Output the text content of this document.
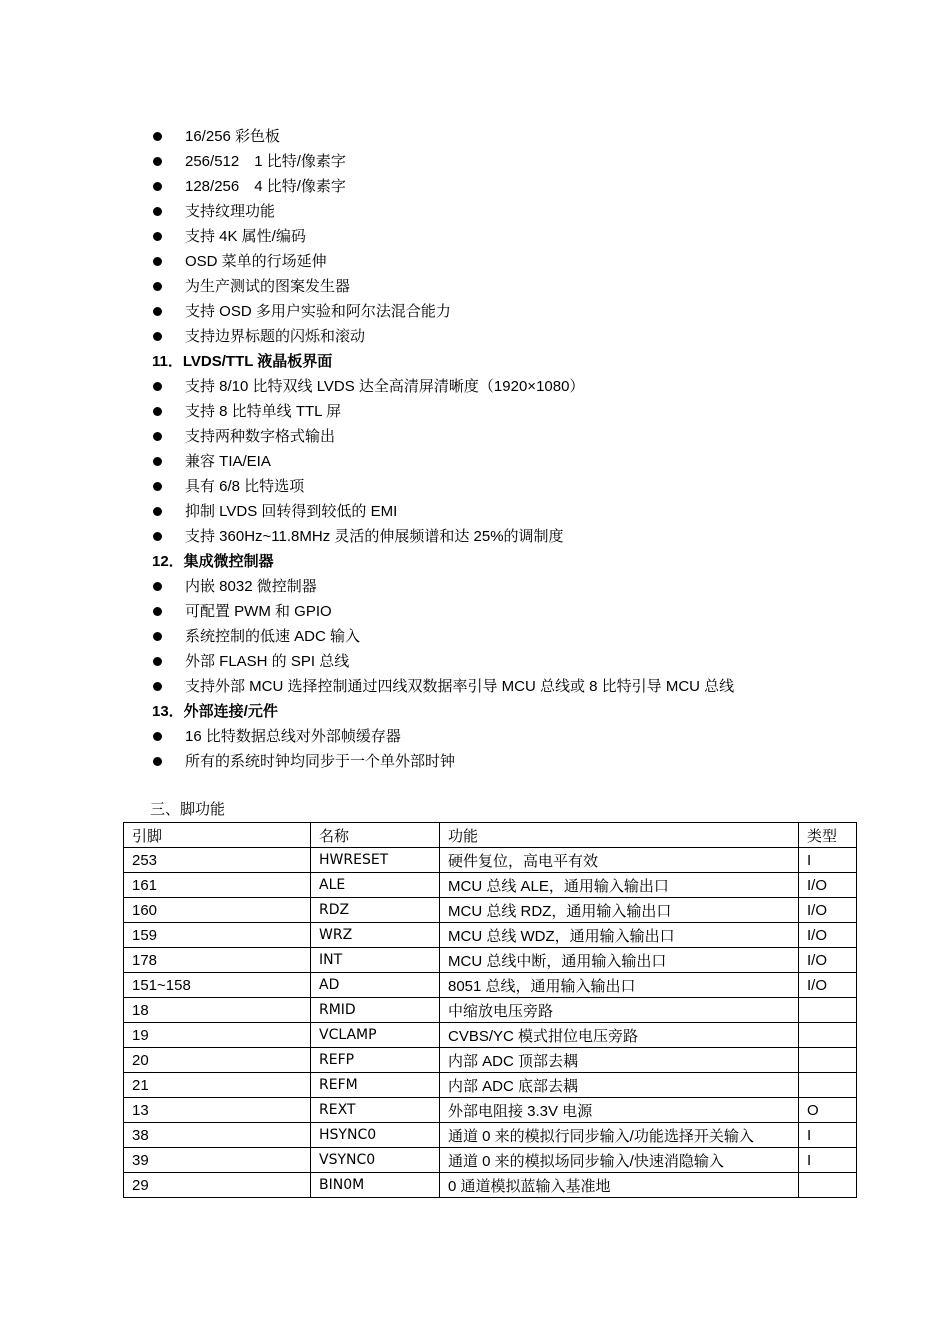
16/256 彩色板
256/512　1 比特/像素字
128/256　4 比特/像素字
支持纹理功能
支持 4K 属性/编码
OSD 菜单的行场延伸
为生产测试的图案发生器
支持 OSD 多用户实验和阿尔法混合能力
支持边界标题的闪烁和滚动
11．LVDS/TTL 液晶板界面
支持 8/10 比特双线 LVDS 达全高清屏清晰度（1920×1080）
支持 8 比特单线 TTL 屏
支持两种数字格式输出
兼容 TIA/EIA
具有 6/8 比特选项
抑制 LVDS 回转得到较低的 EMI
支持 360Hz~11.8MHz 灵活的伸展频谱和达 25%的调制度
12．集成微控制器
内嵌 8032 微控制器
可配置 PWM 和 GPIO
系统控制的低速 ADC 输入
外部 FLASH 的 SPI 总线
支持外部 MCU 选择控制通过四线双数据率引导 MCU 总线或 8 比特引导 MCU 总线
13．外部连接/元件
16 比特数据总线对外部帧缓存器
所有的系统时钟均同步于一个单外部时钟
三、脚功能
引脚	名称	功能	类型
253	HWRESET	硬件复位，高电平有效	I
161	ALE	MCU 总线 ALE，通用输入输出口	I/O
160	RDZ	MCU 总线 RDZ，通用输入输出口	I/O
159	WRZ	MCU 总线 WDZ，通用输入输出口	I/O
178	INT	MCU 总线中断，通用输入输出口	I/O
151~158	AD	8051 总线，通用输入输出口	I/O
18	RMID	中缩放电压旁路	
19	VCLAMP	CVBS/YC 模式拑位电压旁路	
20	REFP	内部 ADC 顶部去耦	
21	REFM	内部 ADC 底部去耦	
13	REXT	外部电阻接 3.3V 电源	O
38	HSYNC0	通道 0 来的模拟行同步输入/功能选择开关输入	I
39	VSYNC0	通道 0 来的模拟场同步输入/快速消隐输入	I
29	BIN0M	0 通道模拟蓝输入基准地	
